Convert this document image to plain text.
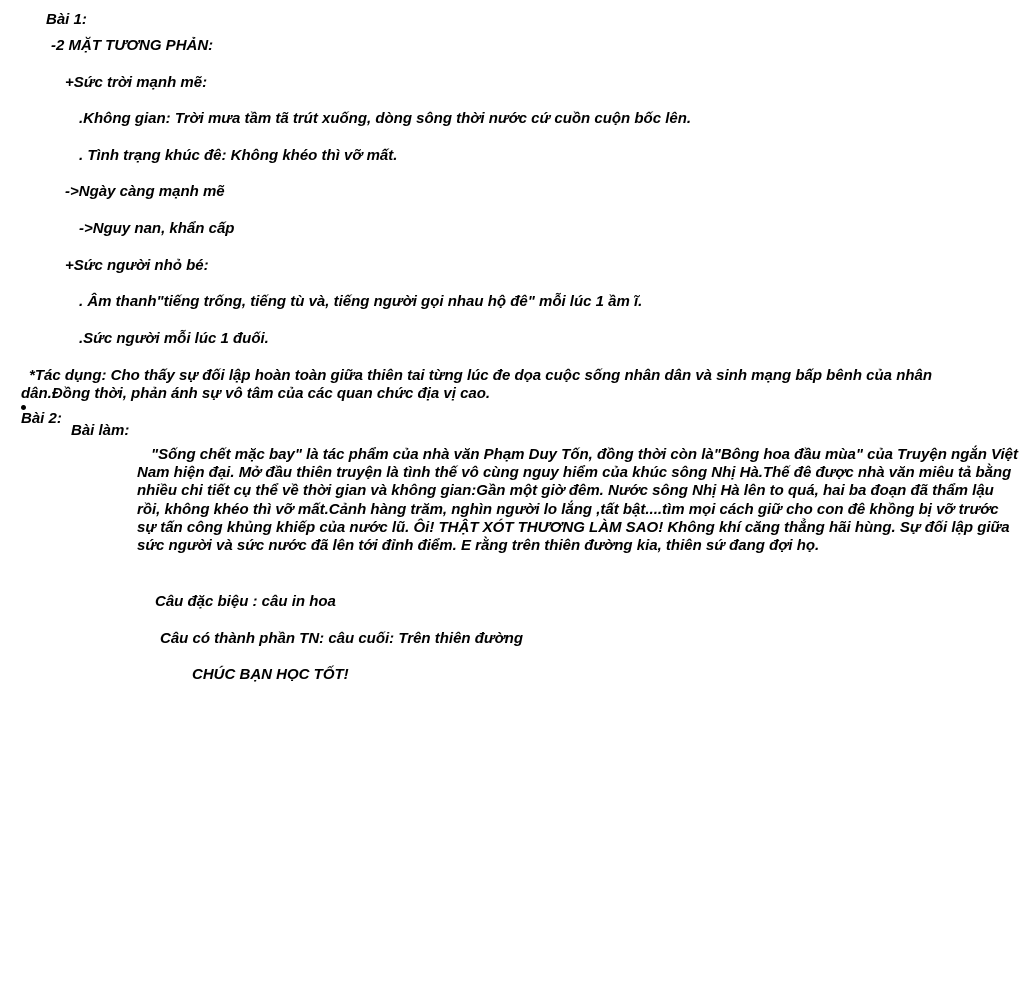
Bài 1:
-2 MẶT TƯƠNG PHẢN:
+Sức trời mạnh mẽ:
.Không gian: Trời mưa tầm tã trút xuống, dòng sông thời nước cứ cuồn cuộn bốc lên.
. Tình trạng khúc đê: Không khéo thì vỡ mất.
->Ngày càng mạnh mẽ
->Nguy nan, khẩn cấp
+Sức người nhỏ bé:
. Âm thanh"tiếng trống, tiếng tù và, tiếng người gọi nhau hộ đê" mỗi lúc 1 ầm ĩ.
.Sức người mỗi lúc 1 đuối.
*Tác dụng: Cho thấy sự đối lập hoàn toàn giữa thiên tai từng lúc đe dọa cuộc sống nhân dân và sinh mạng bấp bênh của nhân
dân.Đồng thời, phản ánh sự vô tâm của các quan chức địa vị cao.
Bài 2:
Bài làm:
"Sống chết mặc bay" là tác phẩm của nhà văn Phạm Duy Tốn, đồng thời còn là"Bông hoa đầu mùa" của Truyện ngắn Việt Nam hiện đại. Mở đầu thiên truyện là tình thế vô cùng nguy hiểm của khúc sông Nhị Hà.Thế đê được nhà văn miêu tả bằng nhiều chi tiết cụ thể về thời gian và không gian:Gần một giờ đêm. Nước sông Nhị Hà lên to quá, hai ba đoạn đã thẩm lậu rồi, không khéo thì vỡ mất.Cảnh hàng trăm, nghìn người lo lắng ,tất bật....tìm mọi cách giữ cho con đê khồng bị vỡ trước sự tấn công khủng khiếp của nước lũ. Ôi! THẬT XÓT THƯƠNG LÀM SAO! Không khí căng thẳng hãi hùng. Sự đối lập giữa sức người và sức nước đã lên tới đỉnh điểm. E rằng trên thiên đường kia, thiên sứ đang đợi họ.
Câu đặc biệu : câu in hoa
Câu có thành phần TN: câu cuối: Trên thiên đường
CHÚC BẠN HỌC TỐT!
